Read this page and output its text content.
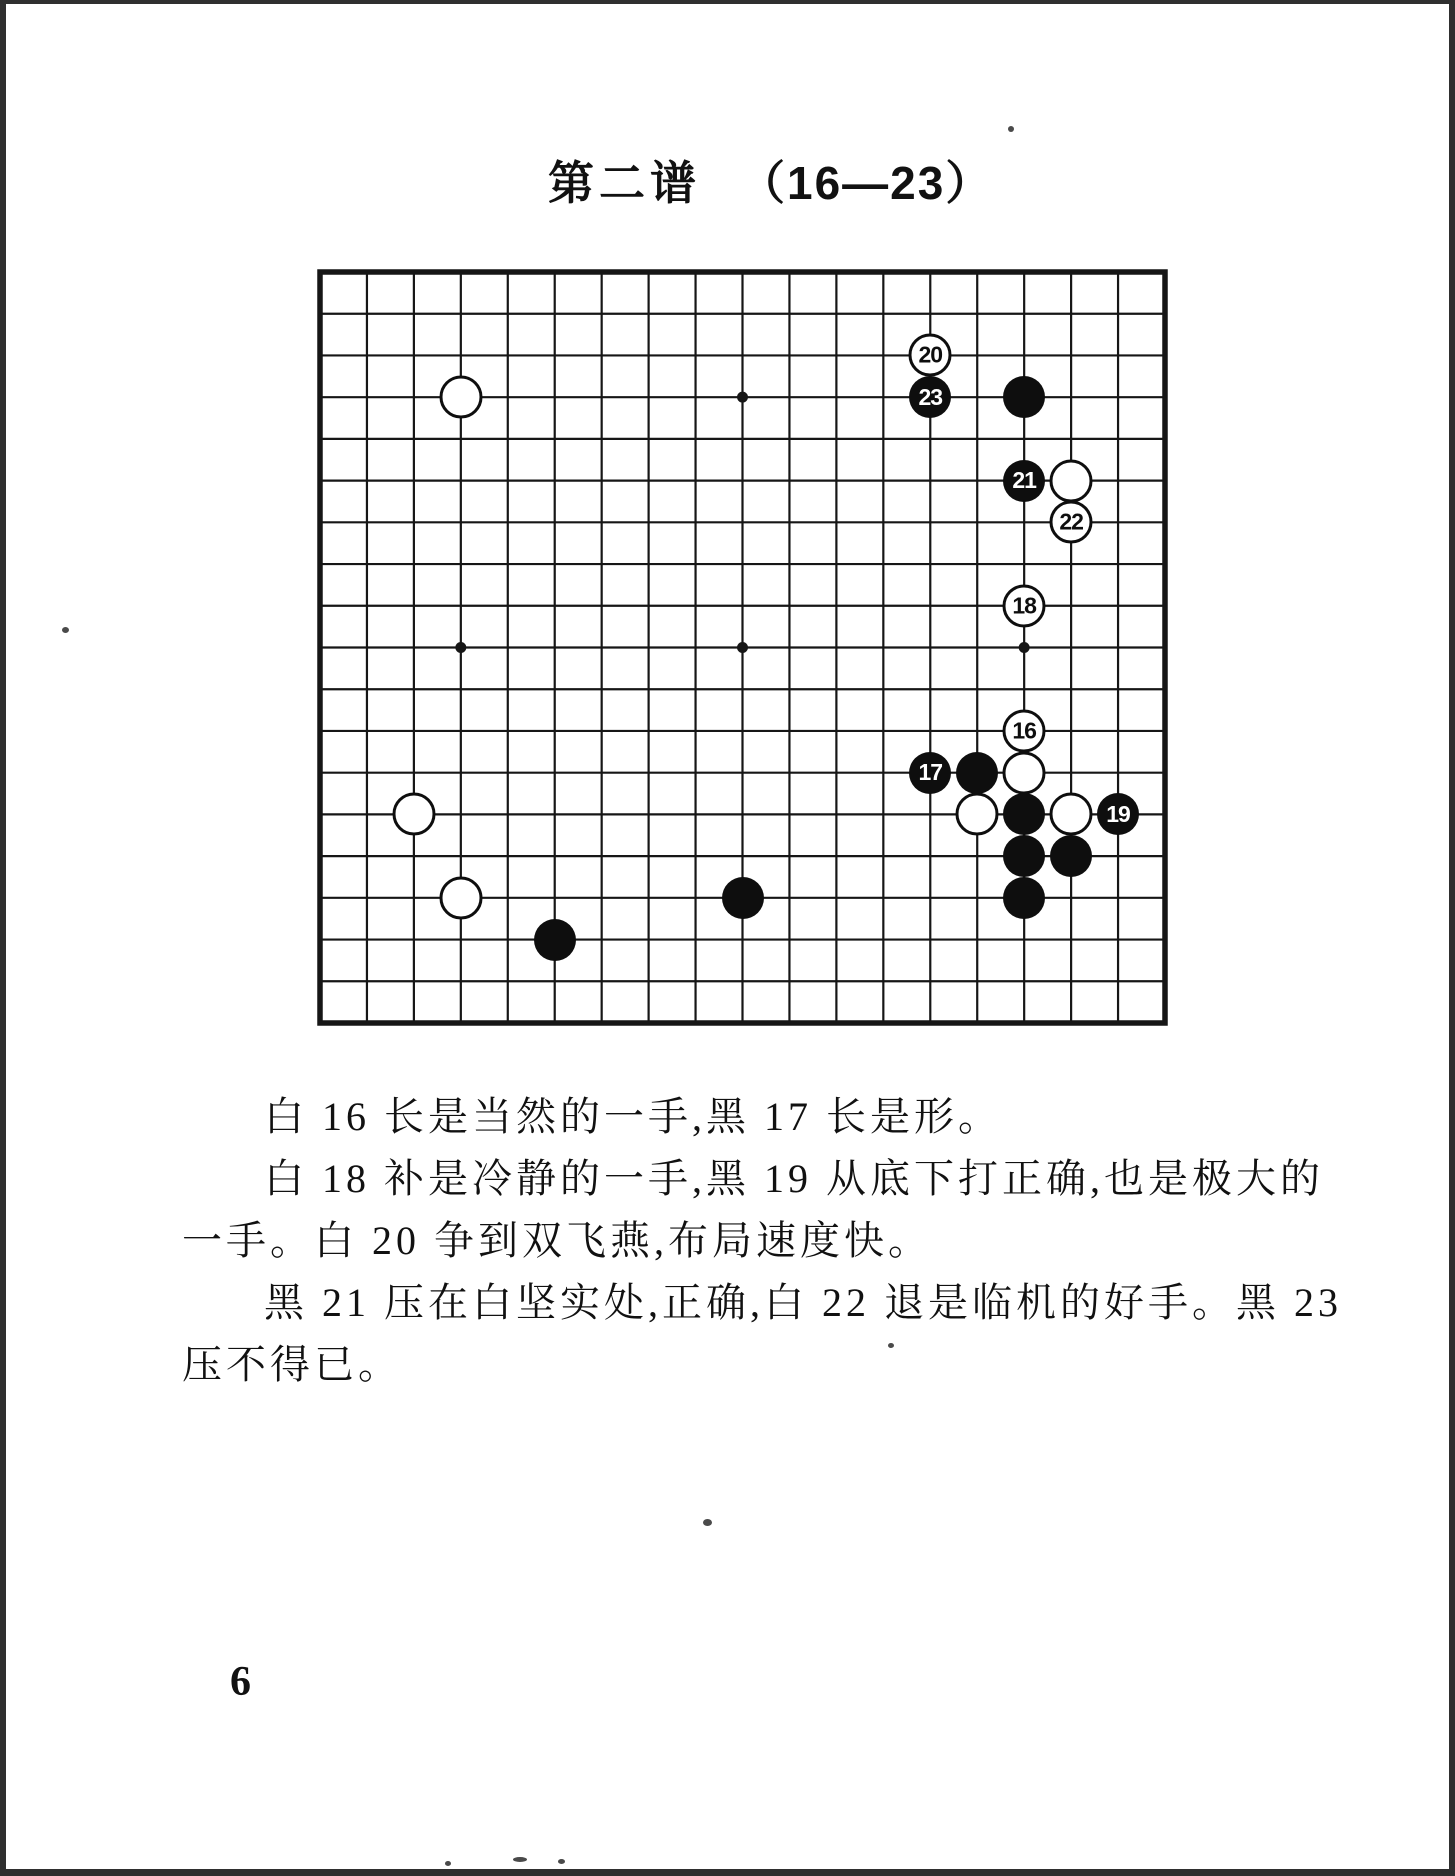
第二谱 （16—23）
20
23
21
22
18
16
17
19
白 16 长是当然的一手,黑 17 长是形。
白 18 补是冷静的一手,黑 19 从底下打正确,也是极大的
一手。白 20 争到双飞燕,布局速度快。
黑 21 压在白坚实处,正确,白 22 退是临机的好手。黑 23
压不得已。
6
